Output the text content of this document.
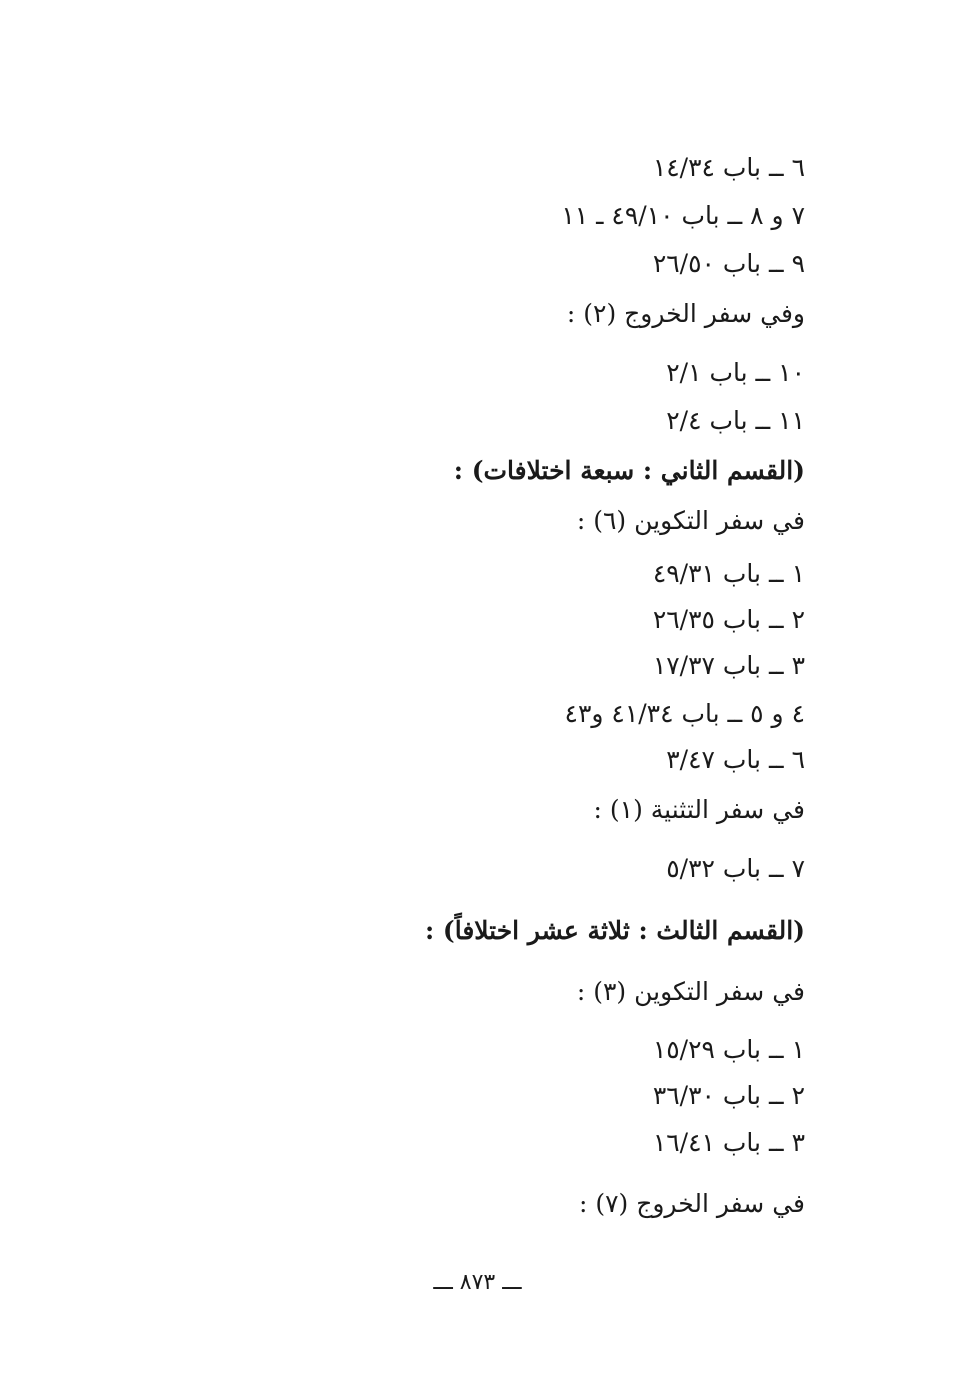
٦ ــ باب ١٤/٣٤
٧ و ٨ ــ باب ٤٩/١٠ ـ ١١
٩ ــ باب ٢٦/٥٠
وفي سفر الخروج (٢) :
١٠ ــ باب ٢/١
١١ ــ باب ٢/٤
(القسم الثاني : سبعة اختلافات) :
في سفر التكوين (٦) :
١ ــ باب ٤٩/٣١
٢ ــ باب ٢٦/٣٥
٣ ــ باب ١٧/٣٧
٤ و ٥ ــ باب ٤١/٣٤ و٤٣
٦ ــ باب ٣/٤٧
في سفر التثنية (١) :
٧ ــ باب ٥/٣٢
(القسم الثالث : ثلاثة عشر اختلافاً) :
في سفر التكوين (٣) :
١ ــ باب ١٥/٢٩
٢ ــ باب ٣٦/٣٠
٣ ــ باب ١٦/٤١
في سفر الخروج (٧) :
ـــ ٨٧٣ ـــ
